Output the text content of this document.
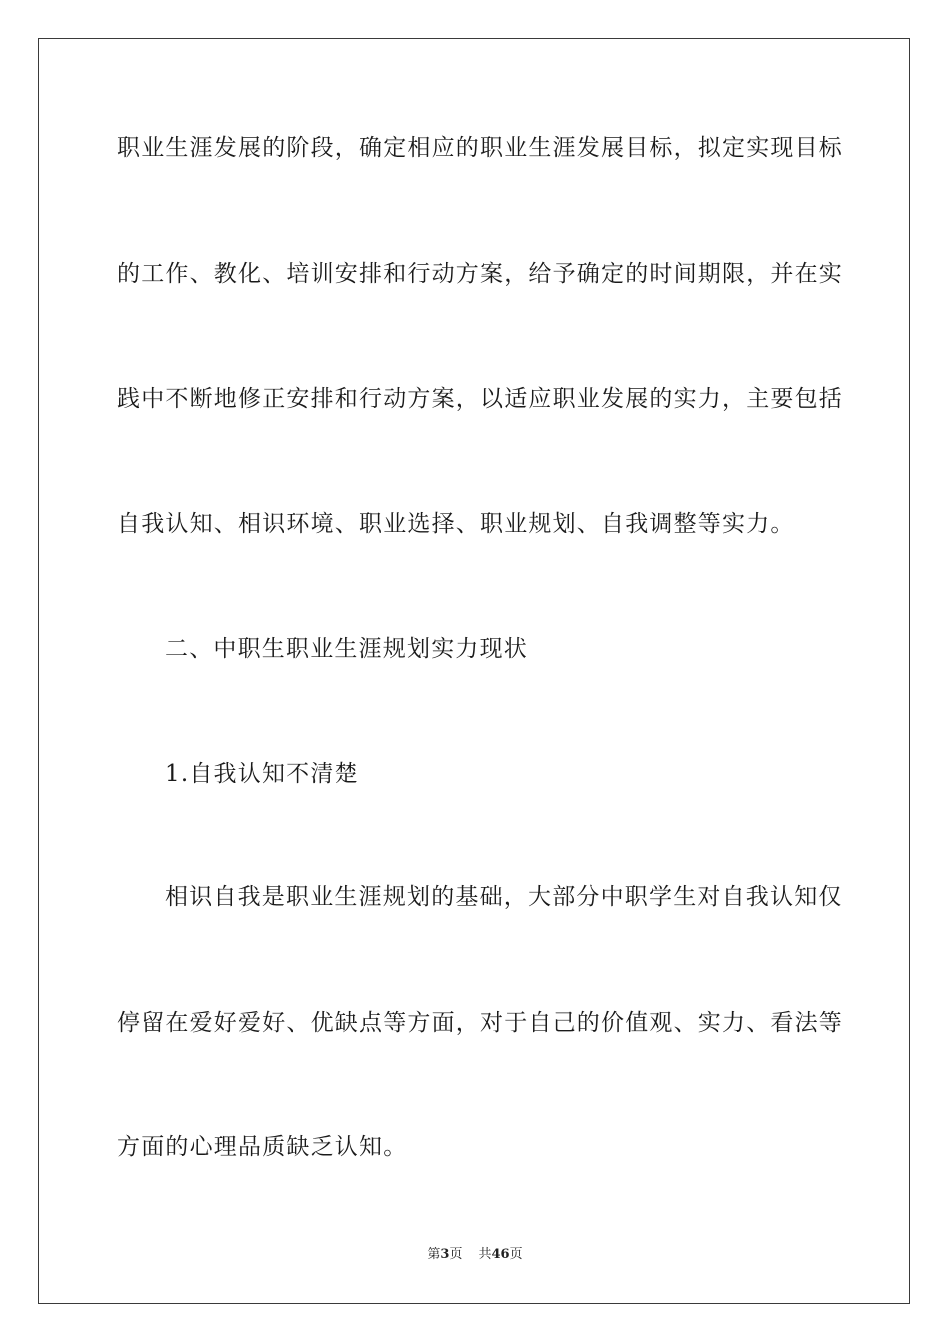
职业生涯发展的阶段，确定相应的职业生涯发展目标，拟定实现目标
的工作、教化、培训安排和行动方案，给予确定的时间期限，并在实
践中不断地修正安排和行动方案，以适应职业发展的实力，主要包括
自我认知、相识环境、职业选择、职业规划、自我调整等实力。
二、中职生职业生涯规划实力现状
1.自我认知不清楚
相识自我是职业生涯规划的基础，大部分中职学生对自我认知仅
停留在爱好爱好、优缺点等方面，对于自己的价值观、实力、看法等
方面的心理品质缺乏认知。
第3页 共46页
